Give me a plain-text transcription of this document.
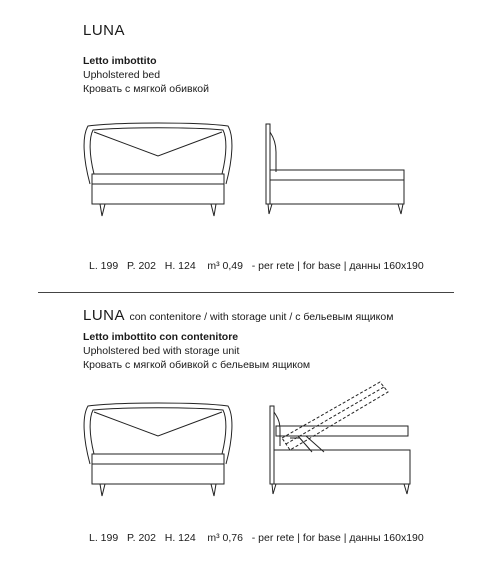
LUNA
Letto imbottito
Upholstered bed
Кровать с мягкой обивкой
L. 199 P. 202 H. 124 m³ 0,49 - per rete | for base | данны 160x190
LUNA con contenitore / with storage unit / с бельевым ящиком
Letto imbottito con contenitore
Upholstered bed with storage unit
Кровать с мягкой обивкой с бельевым ящиком
L. 199 P. 202 H. 124 m³ 0,76 - per rete | for base | данны 160x190
